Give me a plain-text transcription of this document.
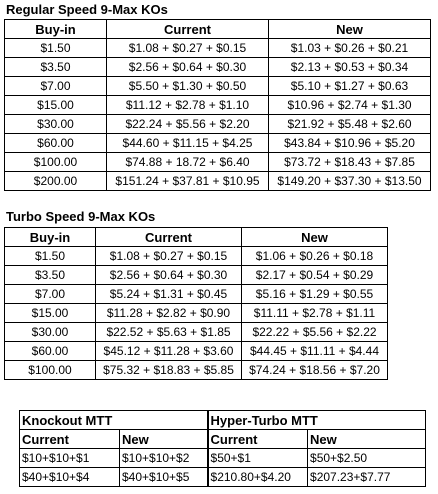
Regular Speed 9-Max KOs
Buy-in	Current	New
$1.50	$1.08 + $0.27 + $0.15	$1.03 + $0.26 + $0.21
$3.50	$2.56 + $0.64 + $0.30	$2.13 + $0.53 + $0.34
$7.00	$5.50 + $1.30 + $0.50	$5.10 + $1.27 + $0.63
$15.00	$11.12 + $2.78 + $1.10	$10.96 + $2.74 + $1.30
$30.00	$22.24 + $5.56 + $2.20	$21.92 + $5.48 + $2.60
$60.00	$44.60 + $11.15 + $4.25	$43.84 + $10.96 + $5.20
$100.00	$74.88 + 18.72 + $6.40	$73.72 + $18.43 + $7.85
$200.00	$151.24 + $37.81 + $10.95	$149.20 + $37.30 + $13.50
Turbo Speed 9-Max KOs
Buy-in	Current	New
$1.50	$1.08 + $0.27 + $0.15	$1.06 + $0.26 + $0.18
$3.50	$2.56 + $0.64 + $0.30	$2.17 + $0.54 + $0.29
$7.00	$5.24 + $1.31 + $0.45	$5.16 + $1.29 + $0.55
$15.00	$11.28 + $2.82 + $0.90	$11.11 + $2.78 + $1.11
$30.00	$22.52 + $5.63 + $1.85	$22.22 + $5.56 + $2.22
$60.00	$45.12 + $11.28 + $3.60	$44.45 + $11.11 + $4.44
$100.00	$75.32 + $18.83 + $5.85	$74.24 + $18.56 + $7.20
Knockout MTT		Hyper-Turbo MTT	
Current	New	Current	New
$10+$10+$1	$10+$10+$2	$50+$1	$50+$2.50
$40+$10+$4	$40+$10+$5	$210.80+$4.20	$207.23+$7.77
